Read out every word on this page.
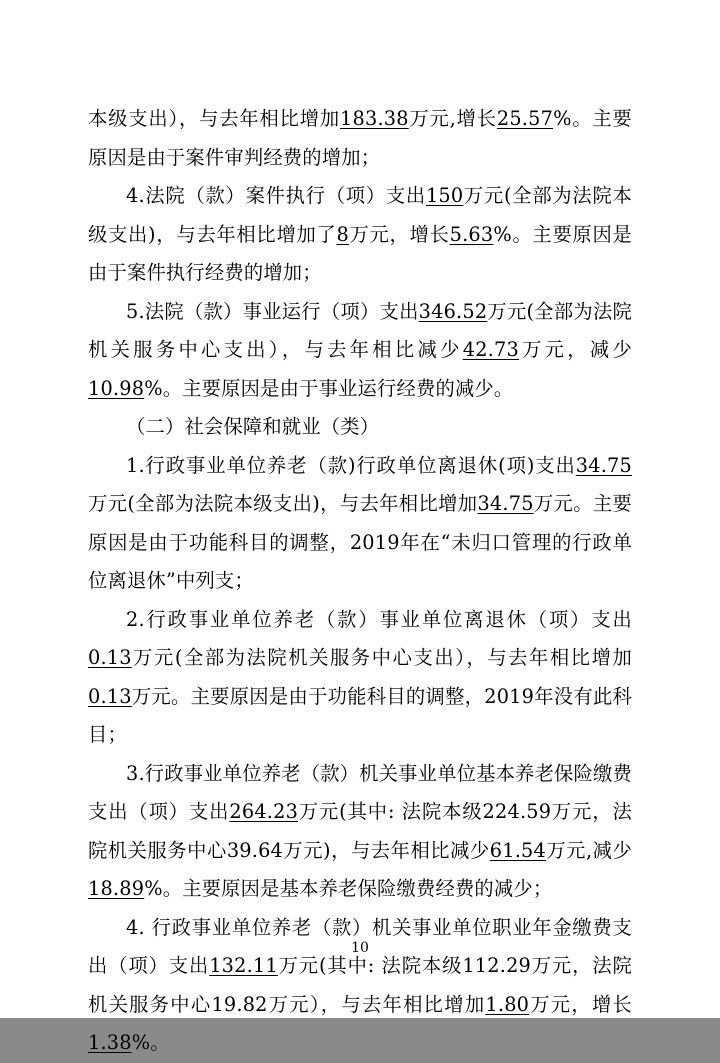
本级支出），与去年相比增加183.38万元,增长25.57%。主要原因是由于案件审判经费的增加；

4.法院（款）案件执行（项）支出150万元(全部为法院本级支出)，与去年相比增加了8万元，增长5.63%。主要原因是由于案件执行经费的增加；

5.法院（款）事业运行（项）支出346.52万元(全部为法院机关服务中心支出），与去年相比减少42.73万元，减少10.98%。主要原因是由于事业运行经费的减少。

（二）社会保障和就业（类）

1.行政事业单位养老（款)行政单位离退休(项)支出34.75万元(全部为法院本级支出)，与去年相比增加34.75万元。主要原因是由于功能科目的调整，2019年在“未归口管理的行政单位离退休”中列支；

2.行政事业单位养老（款）事业单位离退休（项）支出0.13万元(全部为法院机关服务中心支出），与去年相比增加0.13万元。主要原因是由于功能科目的调整，2019年没有此科目；

3.行政事业单位养老（款）机关事业单位基本养老保险缴费支出（项）支出264.23万元(其中: 法院本级224.59万元，法院机关服务中心39.64万元)，与去年相比减少61.54万元,减少18.89%。主要原因是基本养老保险缴费经费的减少；

4. 行政事业单位养老（款）机关事业单位职业年金缴费支出（项）支出132.11万元(其中: 法院本级112.29万元，法院机关服务中心19.82万元），与去年相比增加1.80万元，增长1.38%。

10
